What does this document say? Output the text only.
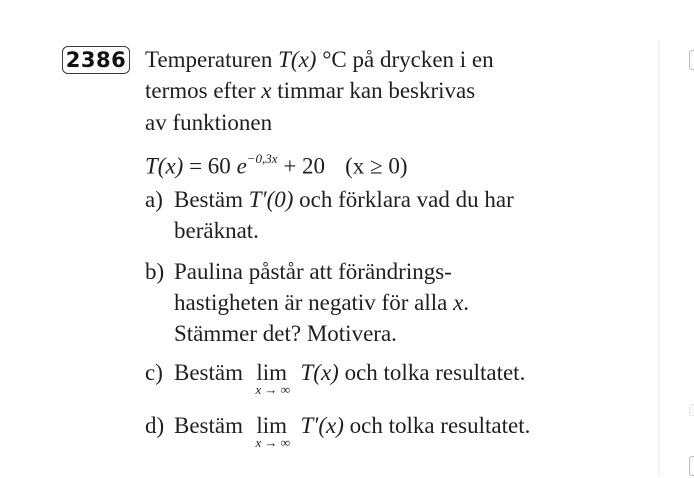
2386 Temperaturen T(x) °C på drycken i en
termos efter x timmar kan beskrivas
av funktionen
T(x) = 60 $e^{-0,3x} + 20$ (x ≥ 0)
a) Bestäm T′(0) och förklara vad du har
beräknat.
b) Paulina påstår att förändrings-
hastigheten är negativ för alla x.
Stämmer det? Motivera.
c) Bestäm lim
x → ∞
T(x) och tolka resultatet.
d) Bestäm lim
x → ∞
T′(x) och tolka resultatet.
